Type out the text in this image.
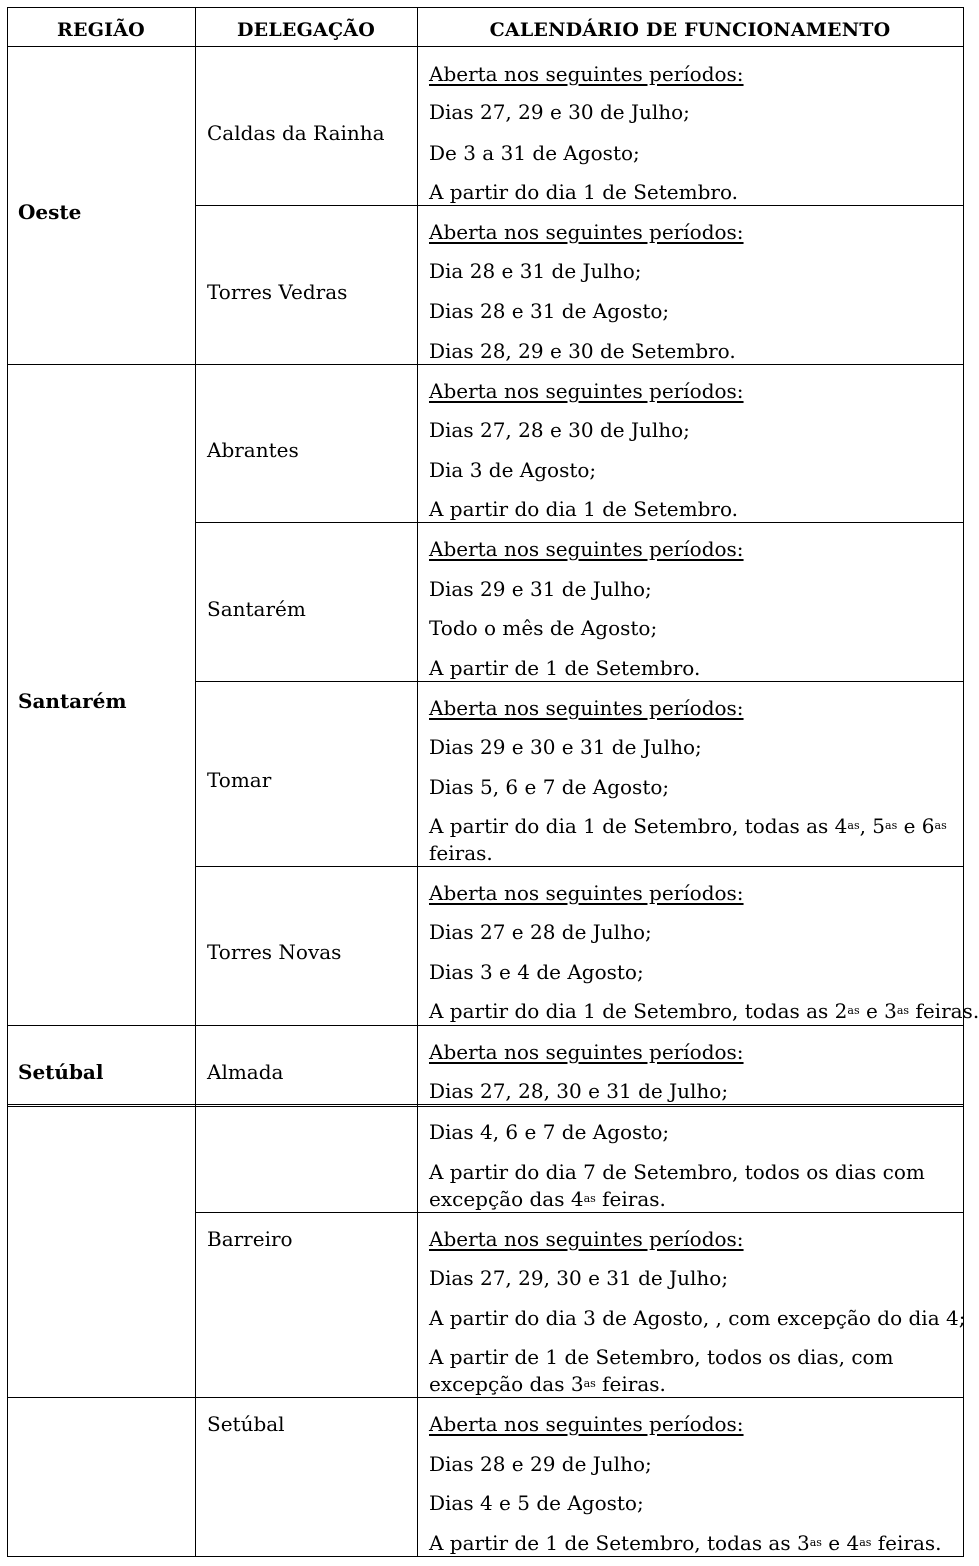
REGIÃO	DELEGAÇÃO	CALENDÁRIO DE FUNCIONAMENTO
Oeste
Santarém
Setúbal
Caldas da Rainha
Torres Vedras
Abrantes
Santarém
Tomar
Torres Novas
Almada
Barreiro
Setúbal
Aberta nos seguintes períodos:
Dias 27, 29 e 30 de Julho;
De 3 a 31 de Agosto;
A partir do dia 1 de Setembro.
Aberta nos seguintes períodos:
Dia 28 e 31 de Julho;
Dias 28 e 31 de Agosto;
Dias 28, 29 e 30 de Setembro.
Aberta nos seguintes períodos:
Dias 27, 28 e 30 de Julho;
Dia 3 de Agosto;
A partir do dia 1 de Setembro.
Aberta nos seguintes períodos:
Dias 29 e 31 de Julho;
Todo o mês de Agosto;
A partir de 1 de Setembro.
Aberta nos seguintes períodos:
Dias 29 e 30 e 31 de Julho;
Dias 5, 6 e 7 de Agosto;
A partir do dia 1 de Setembro, todas as $4^{as}$, $5^{as}$ e $6^{as}$
feiras.
Aberta nos seguintes períodos:
Dias 27 e 28 de Julho;
Dias 3 e 4 de Agosto;
A partir do dia 1 de Setembro, todas as $2^{as}$ e $3^{as}$ feiras.
Aberta nos seguintes períodos:
Dias 27, 28, 30 e 31 de Julho;
Dias 4, 6 e 7 de Agosto;
A partir do dia 7 de Setembro, todos os dias com
excepção das $4^{as}$ feiras.
Aberta nos seguintes períodos:
Dias 27, 29, 30 e 31 de Julho;
A partir do dia 3 de Agosto, , com excepção do dia 4;
A partir de 1 de Setembro, todos os dias, com
excepção das $3^{as}$ feiras.
Aberta nos seguintes períodos:
Dias 28 e 29 de Julho;
Dias 4 e 5 de Agosto;
A partir de 1 de Setembro, todas as $3^{as}$ e $4^{as}$ feiras.
